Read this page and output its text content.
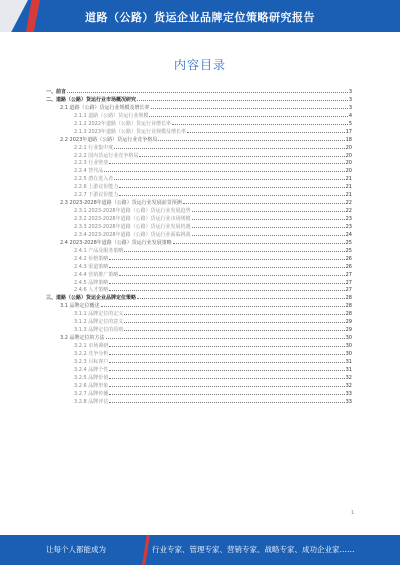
道路（公路）货运企业品牌定位策略研究报告
内容目录
一、前言	3
二、道路（公路）货运行业市场概况研究	3
2.1 道路（公路）货运行业规模及增长率	3
2.1.1 道路（公路）货运行业规模	4
2.1.2 2022年道路（公路）货运行业增长率	5
2.1.3 2023年道路（公路）货运行业规模及增长率	17
2.2 2023年道路（公路）货运行业竞争格局	18
2.2.1 行业集中度	20
2.2.2 国内货运行业竞争格局	20
2.2.3 行业壁垒	20
2.2.4 替代品	20
2.2.5 潜在进入者	21
2.2.6 上游议价能力	21
2.2.7 下游议价能力	21
2.3 2023-2028年道路（公路）货运行业发展前景预测	22
2.3.1 2023-2028年道路（公路）货运行业发展趋势	22
2.3.2 2023-2028年道路（公路）货运行业市场规模	23
2.3.3 2023-2028年道路（公路）货运行业发展机遇	23
2.3.4 2023-2028年道路（公路）货运行业面临挑战	24
2.4 2023-2028年道路（公路）货运行业发展策略	25
2.4.1 产品及服务策略	25
2.4.2 价格策略	26
2.4.3 渠道策略	26
2.4.4 营销推广策略	27
2.4.5 品牌策略	27
2.4.6 人才策略	27
三、道路（公路）货运企业品牌定位策略	28
3.1 品牌定位概述	28
3.1.1 品牌定位的定义	28
3.1.2 品牌定位的意义	29
3.1.3 品牌定位的原则	29
3.2 品牌定位的方法	30
3.2.1 市场调研	30
3.2.2 竞争分析	30
3.2.3 目标客户	31
3.2.4 品牌个性	31
3.2.5 品牌价值	32
3.2.6 品牌形象	32
3.2.7 品牌传播	33
3.2.8 品牌评估	33
1
让每个人都能成为	行业专家、管理专家、营销专家、战略专家、成功企业家……
